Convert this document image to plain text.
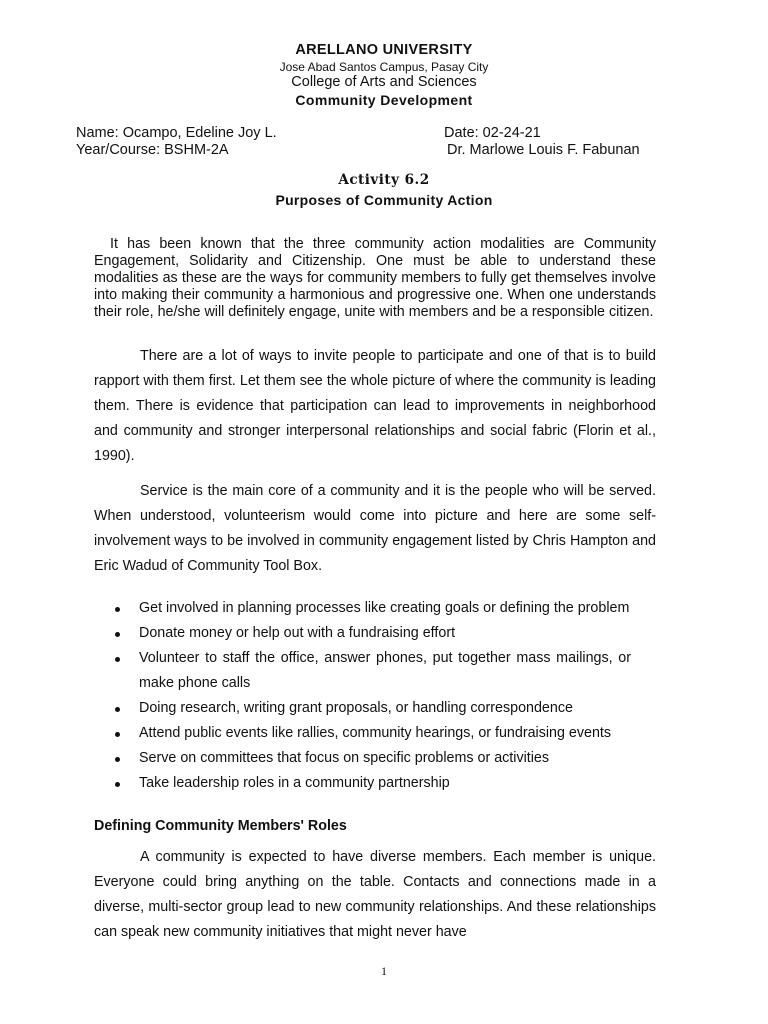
ARELLANO UNIVERSITY
Jose Abad Santos Campus, Pasay City
College of Arts and Sciences
Community Development
Name: Ocampo, Edeline Joy L.	Date: 02-24-21
Year/Course: BSHM-2A	Dr. Marlowe Louis F. Fabunan
Activity 6.2
Purposes of Community Action
It has been known that the three community action modalities are Community Engagement, Solidarity and Citizenship. One must be able to understand these modalities as these are the ways for community members to fully get themselves involve into making their community a harmonious and progressive one. When one understands their role, he/she will definitely engage, unite with members and be a responsible citizen.
There are a lot of ways to invite people to participate and one of that is to build rapport with them first. Let them see the whole picture of where the community is leading them. There is evidence that participation can lead to improvements in neighborhood and community and stronger interpersonal relationships and social fabric (Florin et al., 1990).
Service is the main core of a community and it is the people who will be served. When understood, volunteerism would come into picture and here are some self-involvement ways to be involved in community engagement listed by Chris Hampton and Eric Wadud of Community Tool Box.
Get involved in planning processes like creating goals or defining the problem
Donate money or help out with a fundraising effort
Volunteer to staff the office, answer phones, put together mass mailings, or make phone calls
Doing research, writing grant proposals, or handling correspondence
Attend public events like rallies, community hearings, or fundraising events
Serve on committees that focus on specific problems or activities
Take leadership roles in a community partnership
Defining Community Members' Roles
A community is expected to have diverse members. Each member is unique. Everyone could bring anything on the table. Contacts and connections made in a diverse, multi-sector group lead to new community relationships. And these relationships can speak new community initiatives that might never have
1
